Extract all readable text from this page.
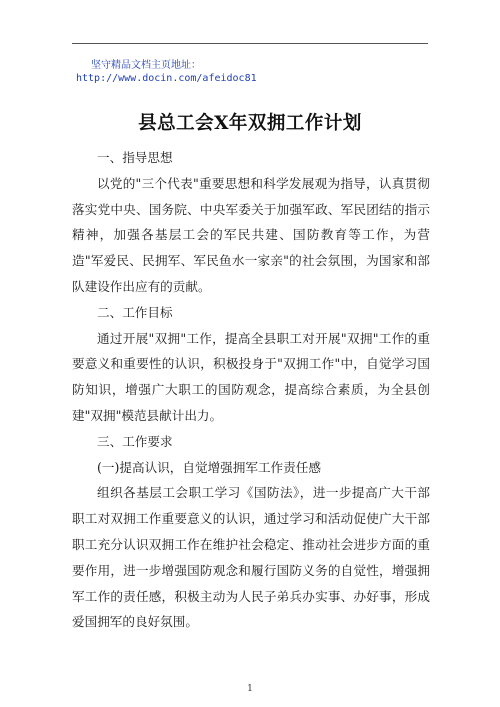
坚守精品文档主页地址：
http://www.docin.com/afeidoc81
县总工会X年双拥工作计划

一、指导思想

以党的"三个代表"重要思想和科学发展观为指导，认真贯彻落实党中央、国务院、中央军委关于加强军政、军民团结的指示精神，加强各基层工会的军民共建、国防教育等工作，为营造"军爱民、民拥军、军民鱼水一家亲"的社会氛围，为国家和部队建设作出应有的贡献。

二、工作目标

通过开展"双拥"工作，提高全县职工对开展"双拥"工作的重要意义和重要性的认识，积极投身于"双拥工作"中，自觉学习国防知识，增强广大职工的国防观念，提高综合素质，为全县创建"双拥"模范县献计出力。

三、工作要求

(一)提高认识，自觉增强拥军工作责任感

组织各基层工会职工学习《国防法》，进一步提高广大干部职工对双拥工作重要意义的认识，通过学习和活动促使广大干部职工充分认识双拥工作在维护社会稳定、推动社会进步方面的重要作用，进一步增强国防观念和履行国防义务的自觉性，增强拥军工作的责任感，积极主动为人民子弟兵办实事、办好事，形成爱国拥军的良好氛围。

1
